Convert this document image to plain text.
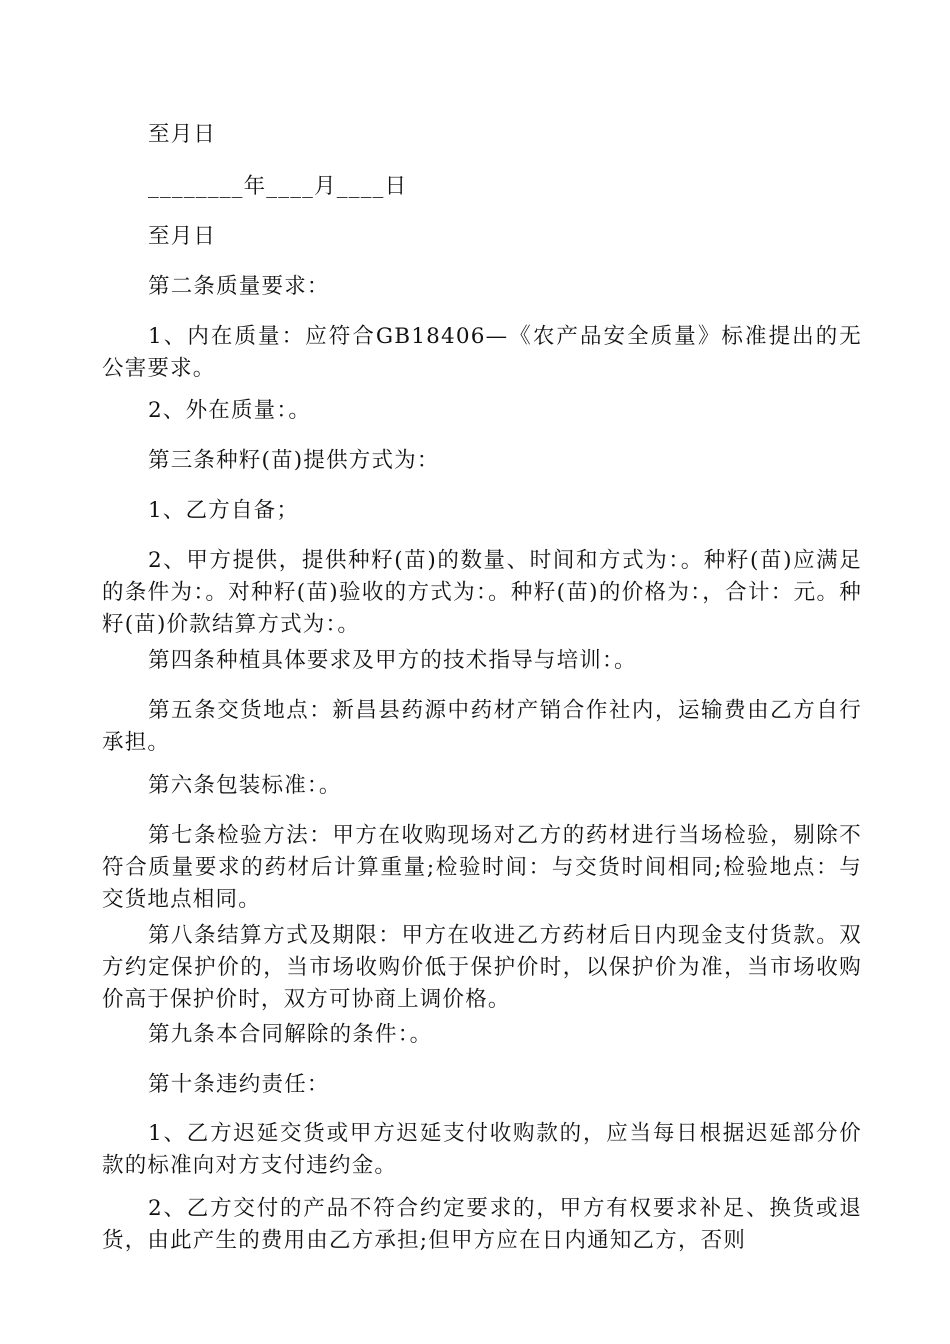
至月日

________年____月____日

至月日

第二条质量要求：

1、内在质量：应符合GB18406—《农产品安全质量》标准提出的无公害要求。

2、外在质量：。

第三条种籽(苗)提供方式为：

1、乙方自备；

2、甲方提供，提供种籽(苗)的数量、时间和方式为：。种籽(苗)应满足的条件为：。对种籽(苗)验收的方式为：。种籽(苗)的价格为：，合计：元。种籽(苗)价款结算方式为：。

第四条种植具体要求及甲方的技术指导与培训：。

第五条交货地点：新昌县药源中药材产销合作社内，运输费由乙方自行承担。

第六条包装标准：。

第七条检验方法：甲方在收购现场对乙方的药材进行当场检验，剔除不符合质量要求的药材后计算重量;检验时间：与交货时间相同;检验地点：与交货地点相同。

第八条结算方式及期限：甲方在收进乙方药材后日内现金支付货款。双方约定保护价的，当市场收购价低于保护价时，以保护价为准，当市场收购价高于保护价时，双方可协商上调价格。

第九条本合同解除的条件：。

第十条违约责任：

1、乙方迟延交货或甲方迟延支付收购款的，应当每日根据迟延部分价款的标准向对方支付违约金。

2、乙方交付的产品不符合约定要求的，甲方有权要求补足、换货或退货，由此产生的费用由乙方承担;但甲方应在日内通知乙方，否则
